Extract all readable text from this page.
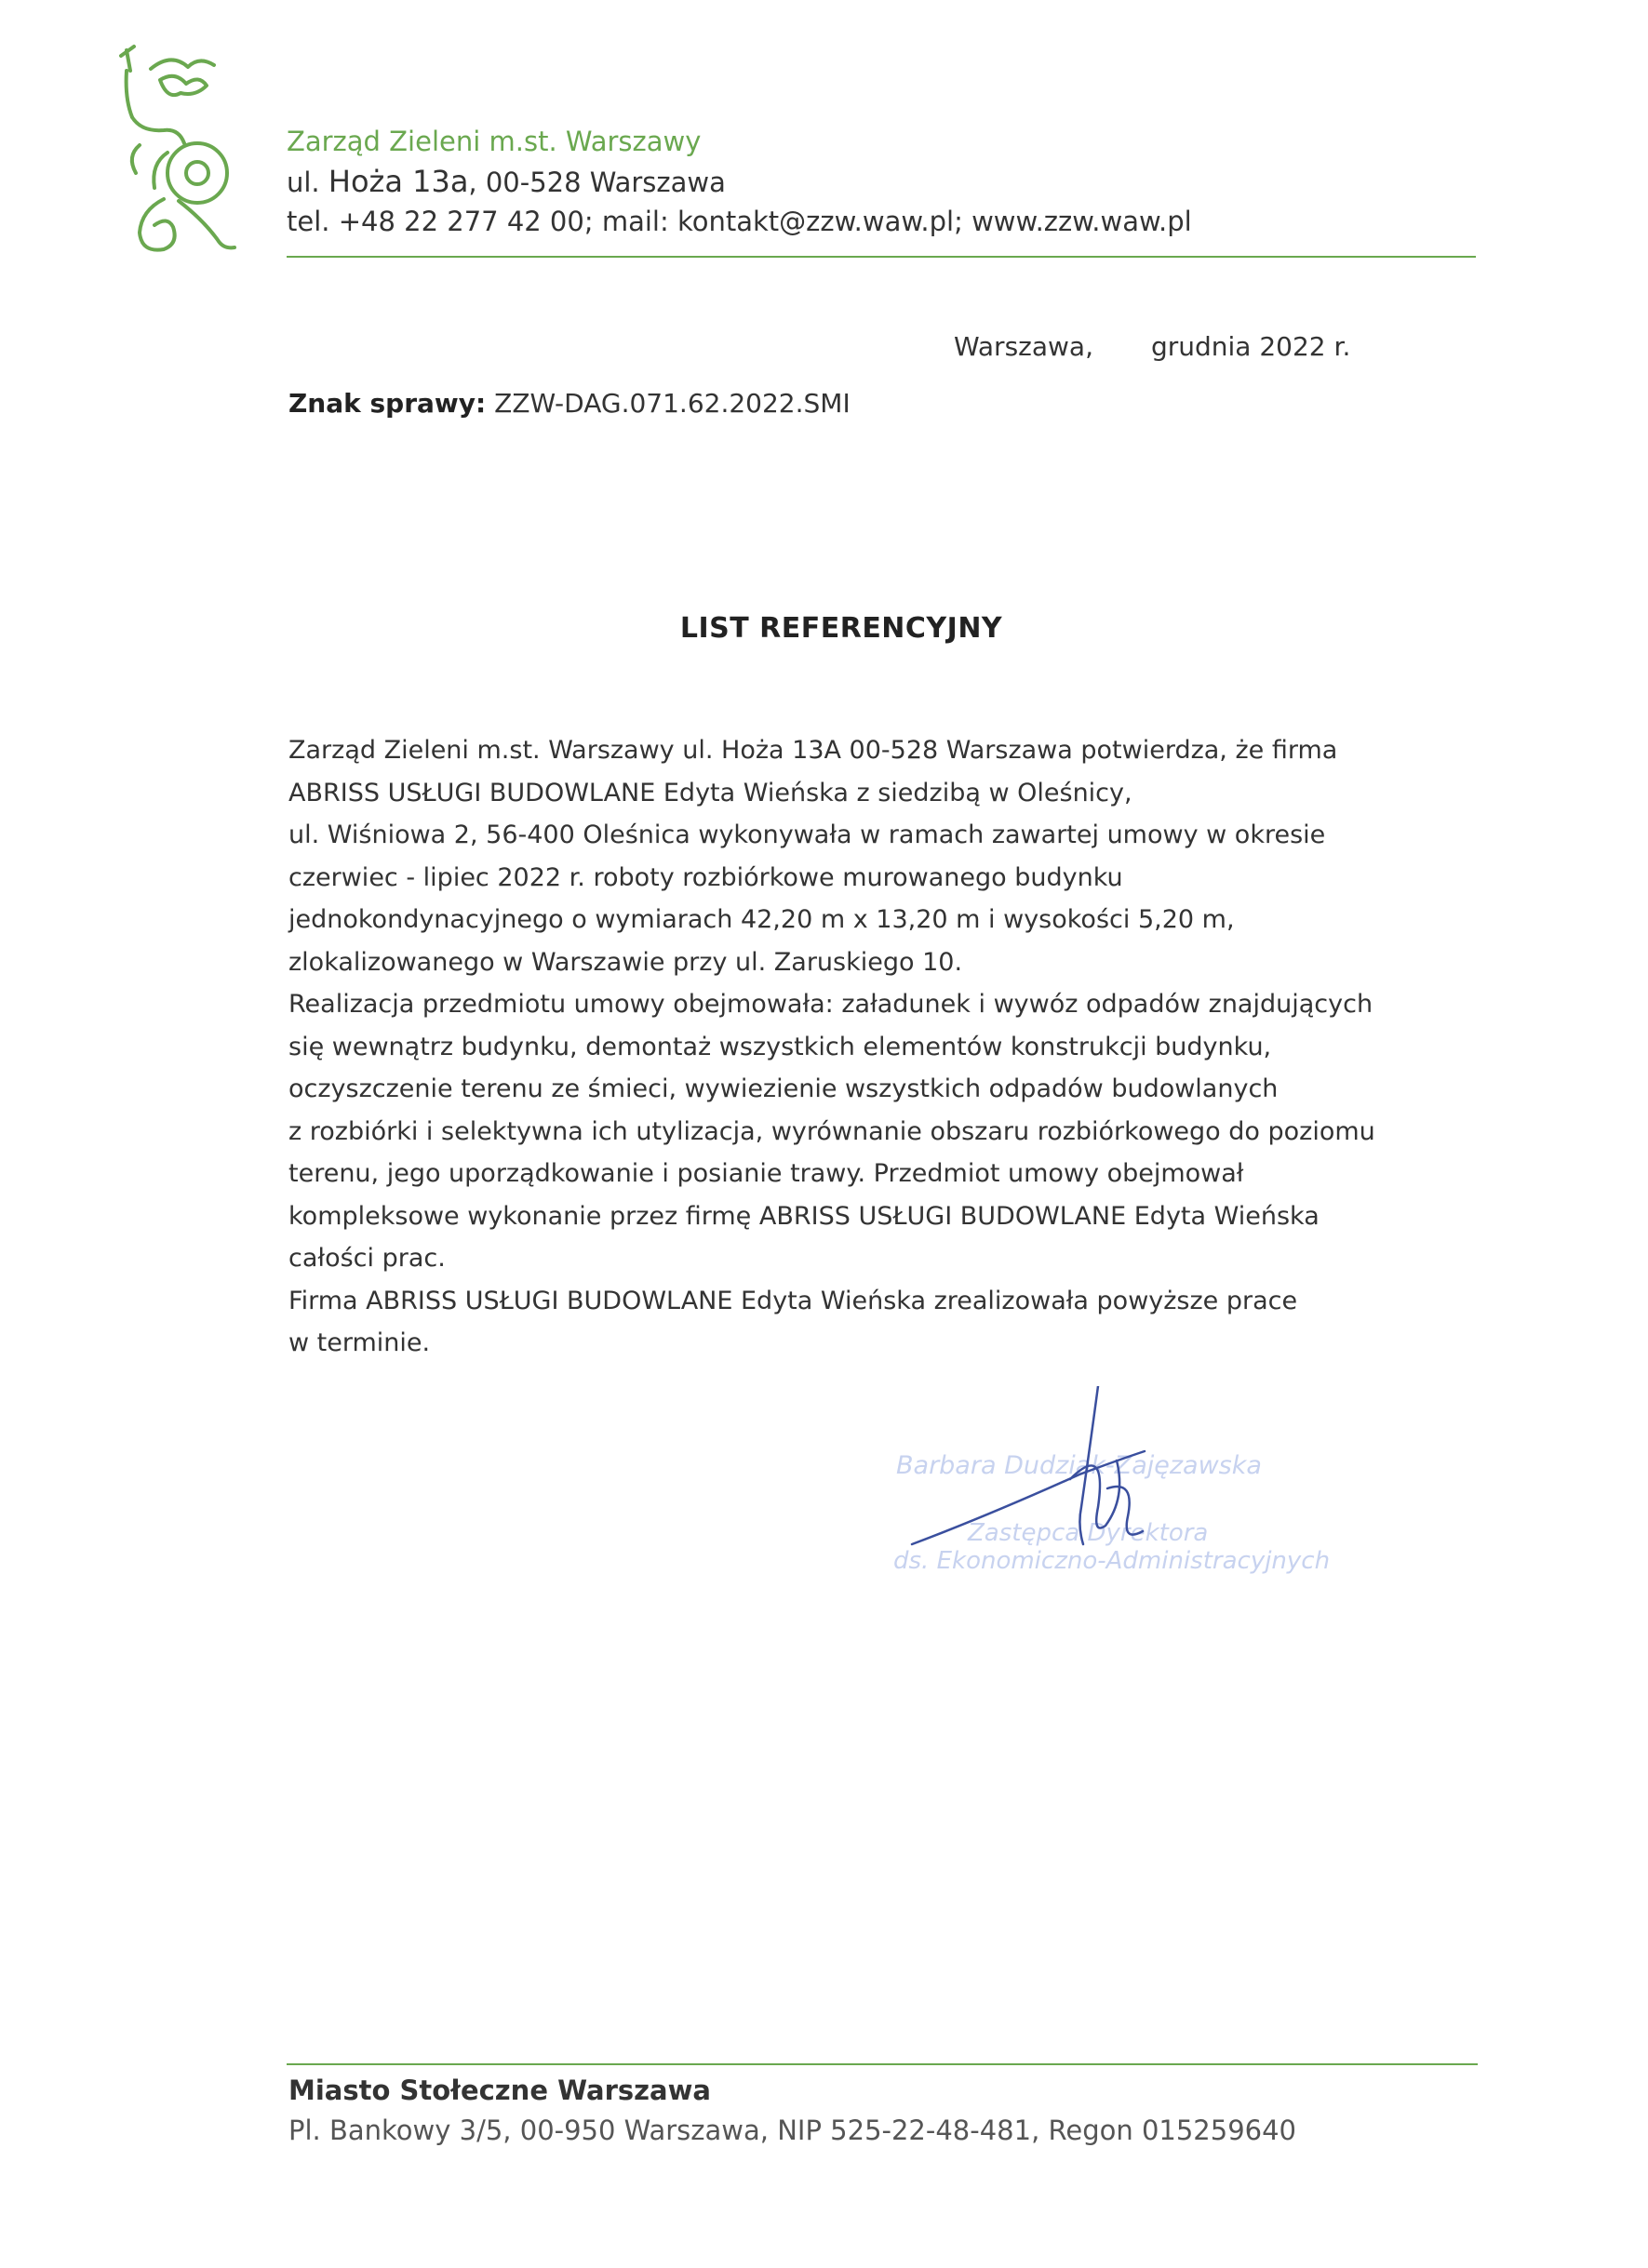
Zarząd Zieleni m.st. Warszawy
ul. Hoża 13a, 00-528 Warszawa
tel. +48 22 277 42 00; mail: kontakt@zzw.waw.pl; www.zzw.waw.pl
Warszawa, grudnia 2022 r.
Znak sprawy: ZZW-DAG.071.62.2022.SMI
LIST REFERENCYJNY

Zarząd Zieleni m.st. Warszawy ul. Hoża 13A 00-528 Warszawa potwierdza, że firma

ABRISS USŁUGI BUDOWLANE Edyta Wieńska z siedzibą w Oleśnicy,

ul. Wiśniowa 2, 56-400 Oleśnica wykonywała w ramach zawartej umowy w okresie

czerwiec - lipiec 2022 r. roboty rozbiórkowe murowanego budynku

jednokondynacyjnego o wymiarach 42,20 m x 13,20 m i wysokości 5,20 m,

zlokalizowanego w Warszawie przy ul. Zaruskiego 10.

Realizacja przedmiotu umowy obejmowała: załadunek i wywóz odpadów znajdujących

się wewnątrz budynku, demontaż wszystkich elementów konstrukcji budynku,

oczyszczenie terenu ze śmieci, wywiezienie wszystkich odpadów budowlanych

z rozbiórki i selektywna ich utylizacja, wyrównanie obszaru rozbiórkowego do poziomu

terenu, jego uporządkowanie i posianie trawy. Przedmiot umowy obejmował

kompleksowe wykonanie przez firmę ABRISS USŁUGI BUDOWLANE Edyta Wieńska

całości prac.

Firma ABRISS USŁUGI BUDOWLANE Edyta Wieńska zrealizowała powyższe prace

w terminie.

Barbara Dudziak-Zajęzawska
Zastępca Dyrektora
ds. Ekonomiczno-Administracyjnych
Miasto Stołeczne Warszawa
Pl. Bankowy 3/5, 00-950 Warszawa, NIP 525-22-48-481, Regon 015259640
